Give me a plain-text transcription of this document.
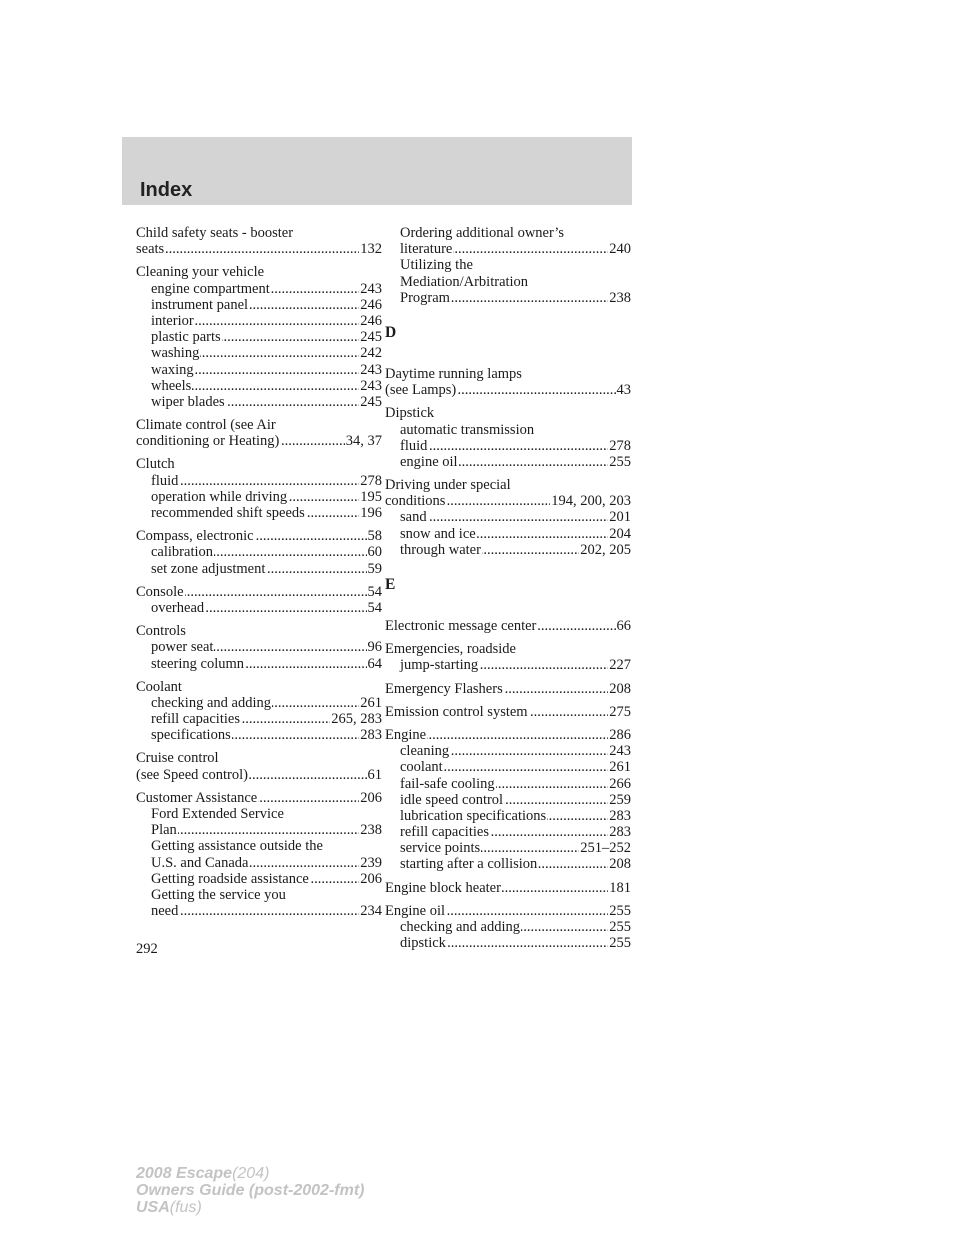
Index
Child safety seats - booster
seats	132
.....
Cleaning your vehicle
engine compartment	243
.....
instrument panel	246
.....
interior	246
.....
plastic parts	245
.....
washing	242
.....
waxing	243
.....
wheels	243
.....
wiper blades	245
.....
Climate control (see Air
conditioning or Heating)	34, 37
.....
Clutch
fluid	278
.....
operation while driving	195
.....
recommended shift speeds	196
.....
Compass, electronic	58
.....
calibration	60
.....
set zone adjustment	59
.....
Console	54
.....
overhead	54
.....
Controls
power seat	96
.....
steering column	64
.....
Coolant
checking and adding	261
.....
refill capacities	265, 283
.....
specifications	283
.....
Cruise control
(see Speed control)	61
.....
Customer Assistance	206
.....
Ford Extended Service
Plan	238
.....
Getting assistance outside the
U.S. and Canada	239
.....
Getting roadside assistance	206
.....
Getting the service you
need	234
.....
Ordering additional owner’s
literature	240
.....
Utilizing the
Mediation/Arbitration
Program	238
.....
D
Daytime running lamps
(see Lamps)	43
.....
Dipstick
automatic transmission
fluid	278
.....
engine oil	255
.....
Driving under special
conditions	194, 200, 203
.....
sand	201
.....
snow and ice	204
.....
through water	202, 205
.....
E
Electronic message center	66
.....
Emergencies, roadside
jump-starting	227
.....
Emergency Flashers	208
.....
Emission control system	275
.....
Engine	286
.....
cleaning	243
.....
coolant	261
.....
fail-safe cooling	266
.....
idle speed control	259
.....
lubrication specifications	283
.....
refill capacities	283
.....
service points	251–252
.....
starting after a collision	208
.....
Engine block heater	181
.....
Engine oil	255
.....
checking and adding	255
.....
dipstick	255
.....
292
2008 Escape(204)
Owners Guide (post-2002-fmt)
USA(fus)
